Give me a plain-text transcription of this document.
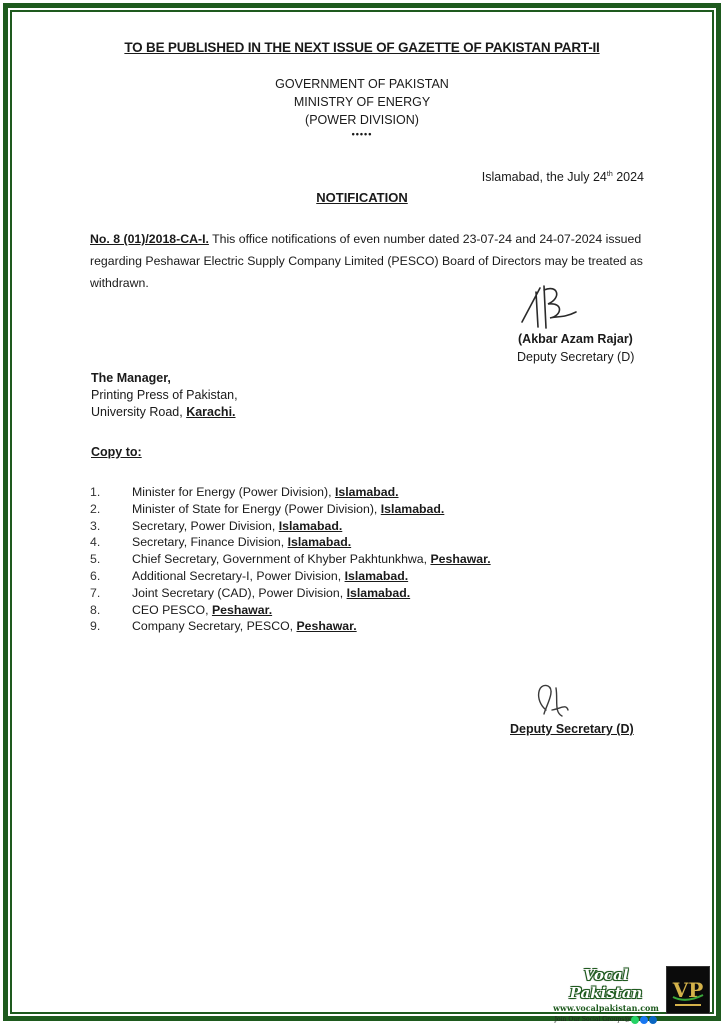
TO BE PUBLISHED IN THE NEXT ISSUE OF GAZETTE OF PAKISTAN PART-II
GOVERNMENT OF PAKISTAN
MINISTRY OF ENERGY
(POWER DIVISION)
•••••
Islamabad, the July 24th 2024
NOTIFICATION
No. 8 (01)/2018-CA-I. This office notifications of even number dated 23-07-24 and 24-07-2024 issued regarding Peshawar Electric Supply Company Limited (PESCO) Board of Directors may be treated as withdrawn.
(Akbar Azam Rajar)
Deputy Secretary (D)
The Manager,
Printing Press of Pakistan,
University Road, Karachi.
Copy to:
1.	Minister for Energy (Power Division), Islamabad.
2.	Minister of State for Energy (Power Division), Islamabad.
3.	Secretary, Power Division, Islamabad.
4.	Secretary, Finance Division, Islamabad.
5.	Chief Secretary, Government of Khyber Pakhtunkhwa, Peshawar.
6.	Additional Secretary-I, Power Division, Islamabad.
7.	Joint Secretary (CAD), Power Division, Islamabad.
8.	CEO PESCO, Peshawar.
9.	Company Secretary, PESCO, Peshawar.
Deputy Secretary (D)
Vocal Pakistan
www.vocalpakistan.com
Join Our Social Groups@
VP
